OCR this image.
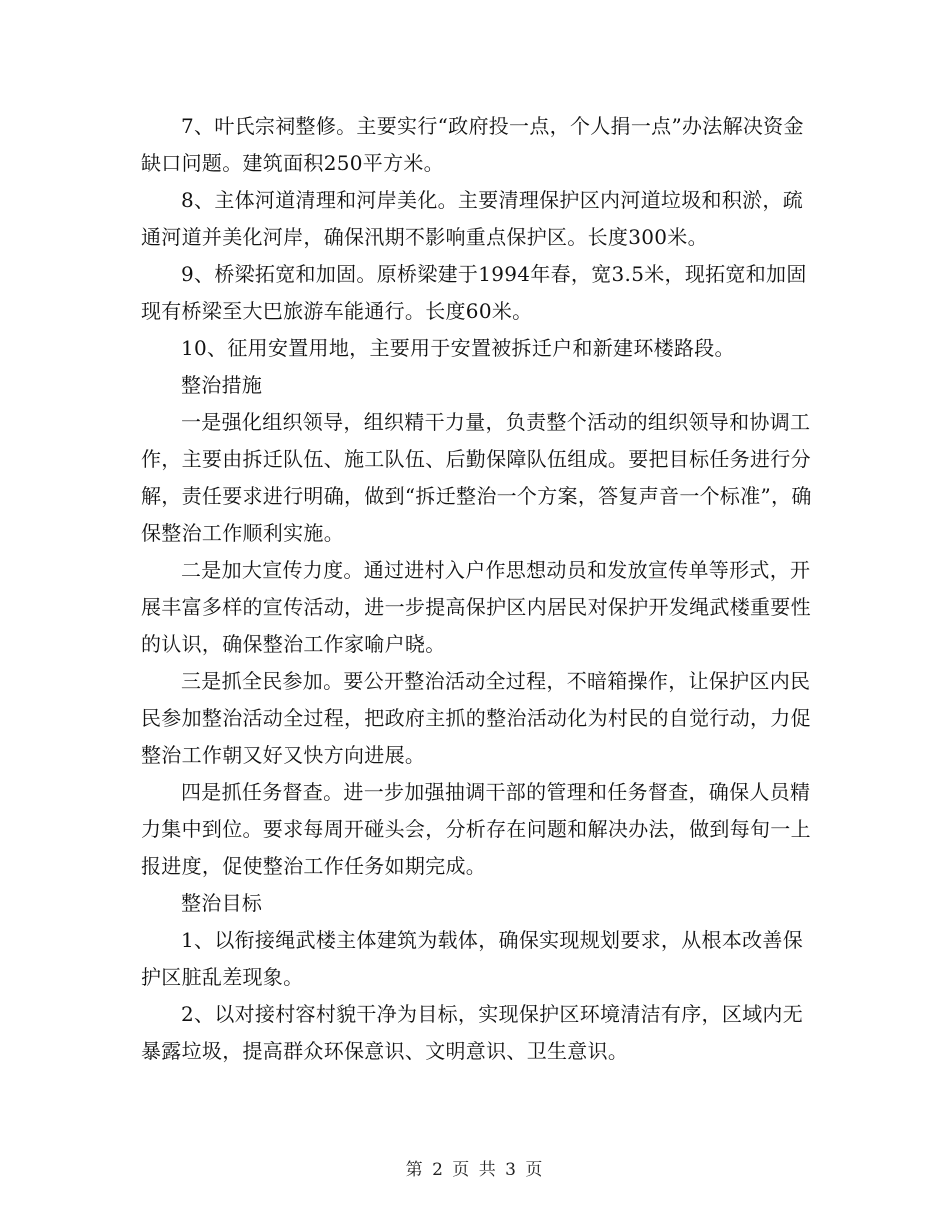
7、叶氏宗祠整修。主要实行“政府投一点，个人捐一点”办法解决资金缺口问题。建筑面积250平方米。

8、主体河道清理和河岸美化。主要清理保护区内河道垃圾和积淤，疏通河道并美化河岸，确保汛期不影响重点保护区。长度300米。

9、桥梁拓宽和加固。原桥梁建于1994年春，宽3.5米，现拓宽和加固现有桥梁至大巴旅游车能通行。长度60米。

10、征用安置用地，主要用于安置被拆迁户和新建环楼路段。

整治措施

一是强化组织领导，组织精干力量，负责整个活动的组织领导和协调工作，主要由拆迁队伍、施工队伍、后勤保障队伍组成。要把目标任务进行分解，责任要求进行明确，做到“拆迁整治一个方案，答复声音一个标准”，确保整治工作顺利实施。

二是加大宣传力度。通过进村入户作思想动员和发放宣传单等形式，开展丰富多样的宣传活动，进一步提高保护区内居民对保护开发绳武楼重要性的认识，确保整治工作家喻户晓。

三是抓全民参加。要公开整治活动全过程，不暗箱操作，让保护区内民民参加整治活动全过程，把政府主抓的整治活动化为村民的自觉行动，力促整治工作朝又好又快方向进展。

四是抓任务督查。进一步加强抽调干部的管理和任务督查，确保人员精力集中到位。要求每周开碰头会，分析存在问题和解决办法，做到每旬一上报进度，促使整治工作任务如期完成。

整治目标

1、以衔接绳武楼主体建筑为载体，确保实现规划要求，从根本改善保护区脏乱差现象。

2、以对接村容村貌干净为目标，实现保护区环境清洁有序，区域内无暴露垃圾，提高群众环保意识、文明意识、卫生意识。

第 2 页 共 3 页
